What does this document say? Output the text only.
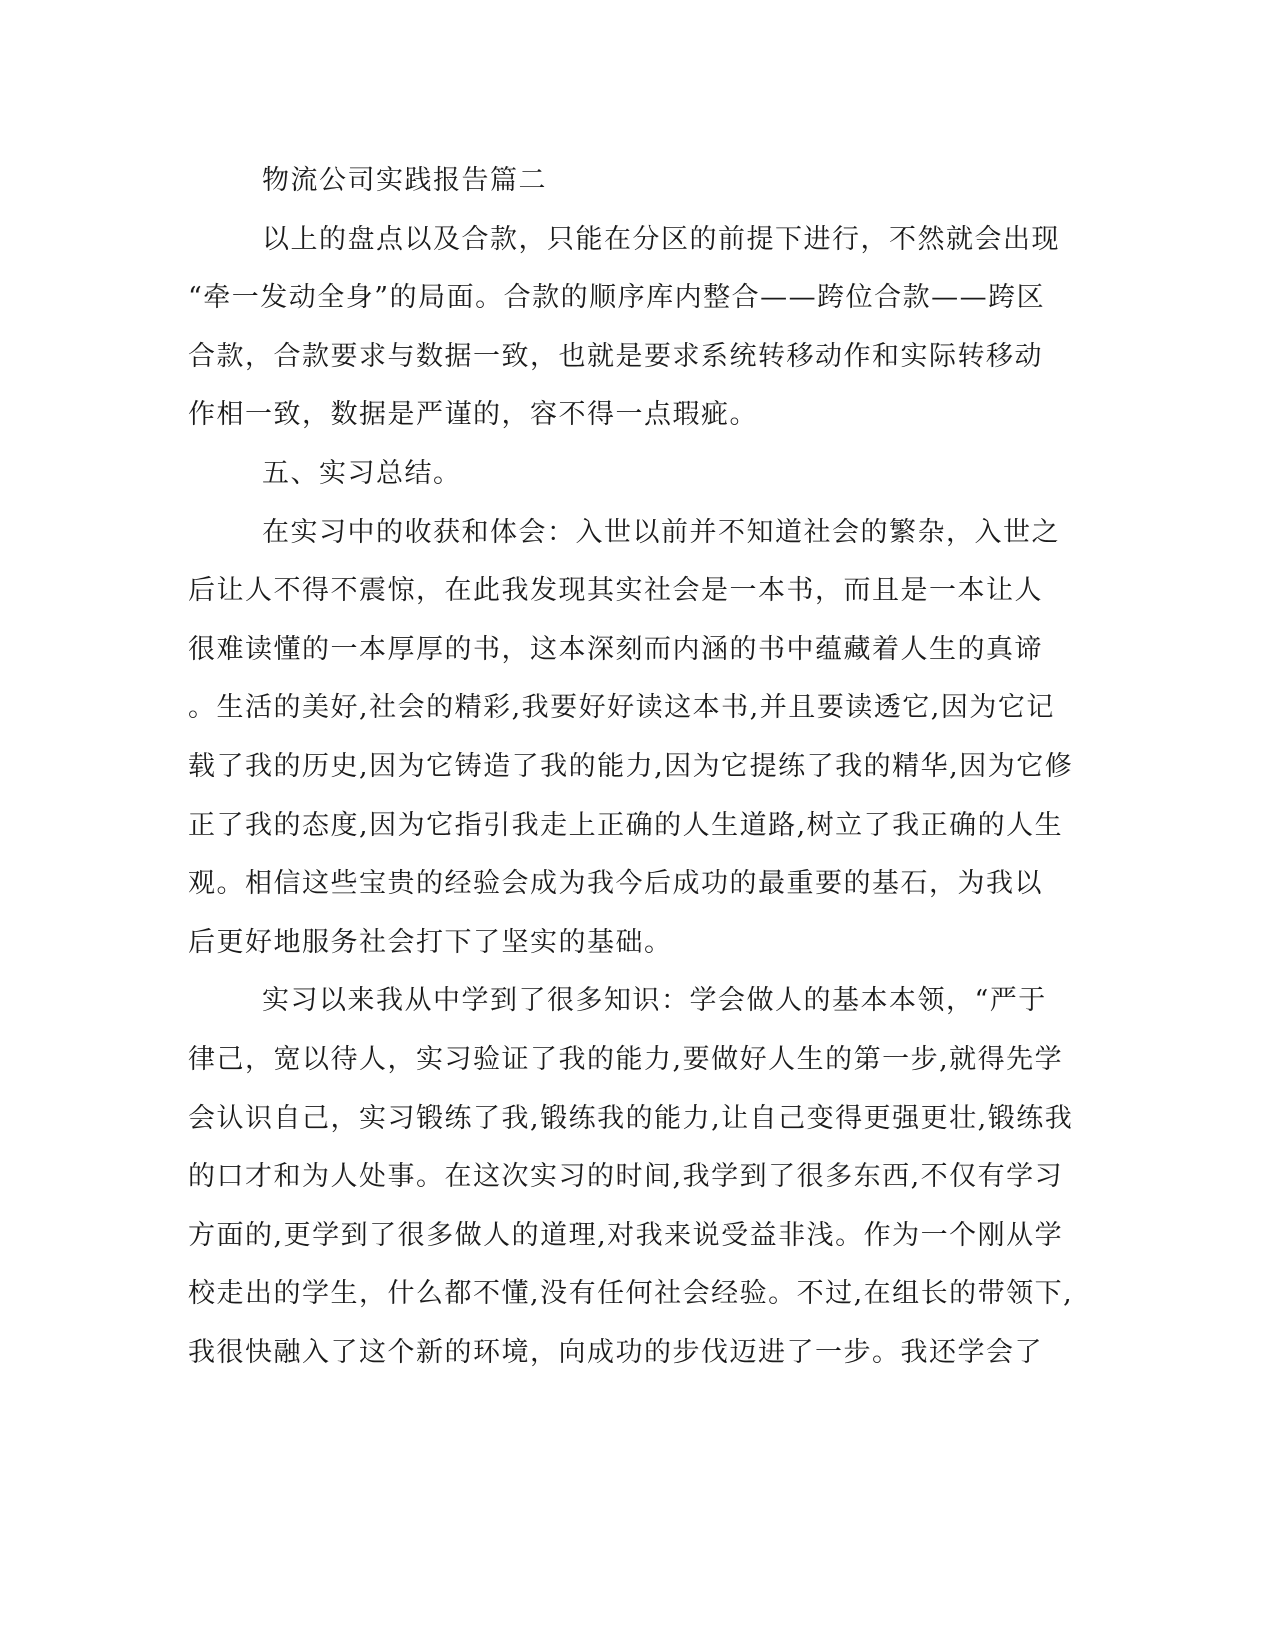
物流公司实践报告篇二
以上的盘点以及合款，只能在分区的前提下进行，不然就会出现
“牵一发动全身”的局面。合款的顺序库内整合——跨位合款——跨区
合款，合款要求与数据一致，也就是要求系统转移动作和实际转移动
作相一致，数据是严谨的，容不得一点瑕疵。
五、实习总结。
在实习中的收获和体会：入世以前并不知道社会的繁杂，入世之
后让人不得不震惊，在此我发现其实社会是一本书，而且是一本让人
很难读懂的一本厚厚的书，这本深刻而内涵的书中蕴藏着人生的真谛
。生活的美好,社会的精彩,我要好好读这本书,并且要读透它,因为它记
载了我的历史,因为它铸造了我的能力,因为它提练了我的精华,因为它修
正了我的态度,因为它指引我走上正确的人生道路,树立了我正确的人生
观。相信这些宝贵的经验会成为我今后成功的最重要的基石，为我以
后更好地服务社会打下了坚实的基础。
实习以来我从中学到了很多知识：学会做人的基本本领，“严于
律己，宽以待人，实习验证了我的能力,要做好人生的第一步,就得先学
会认识自己，实习锻练了我,锻练我的能力,让自己变得更强更壮,锻练我
的口才和为人处事。在这次实习的时间,我学到了很多东西,不仅有学习
方面的,更学到了很多做人的道理,对我来说受益非浅。作为一个刚从学
校走出的学生，什么都不懂,没有任何社会经验。不过,在组长的带领下,
我很快融入了这个新的环境，向成功的步伐迈进了一步。我还学会了
